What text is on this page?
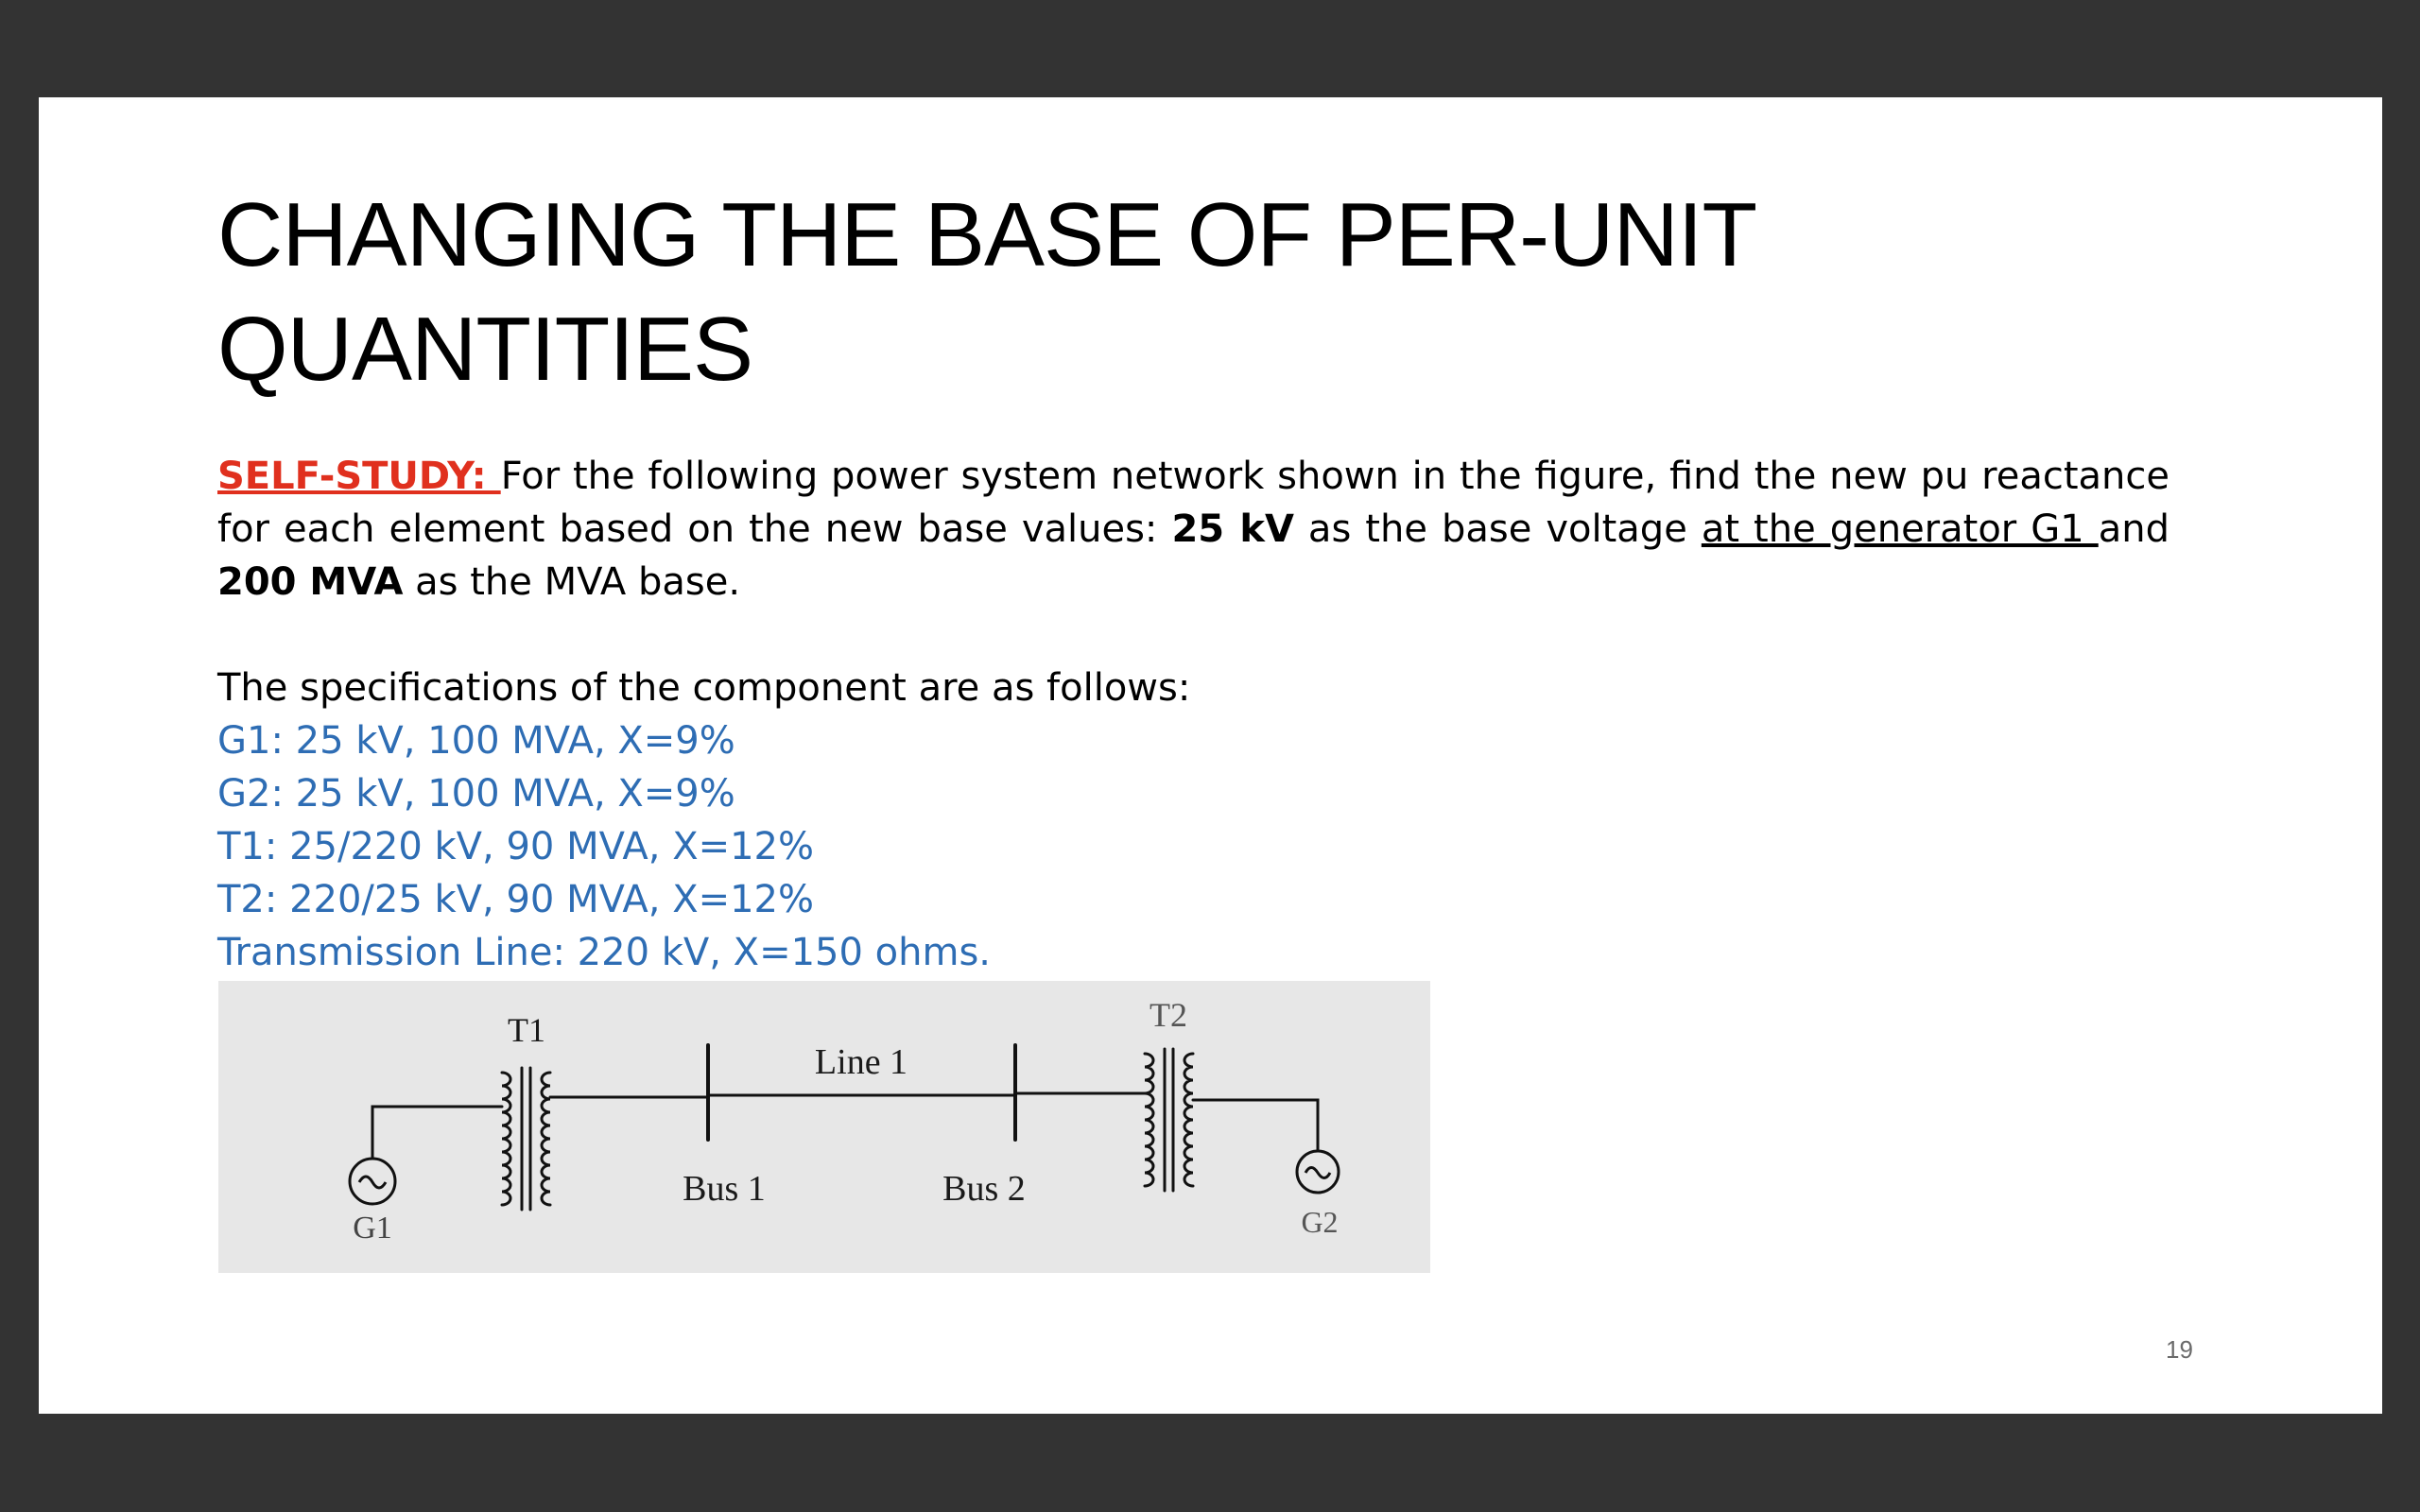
CHANGING THE BASE OF PER-UNIT QUANTITIES

SELF-STUDY: For the following power system network shown in the figure, find the new pu reactance for each element based on the new base values: 25 kV as the base voltage at the generator G1 and 200 MVA as the MVA base.

The specifications of the component are as follows:

G1: 25 kV, 100 MVA, X=9%

G2: 25 kV, 100 MVA, X=9%

T1: 25/220 kV, 90 MVA, X=12%

T2: 220/25 kV, 90 MVA, X=12%

Transmission Line: 220 kV, X=150 ohms.

T1	T2
Line 1
Bus 1	Bus 2
G1	G2
19
